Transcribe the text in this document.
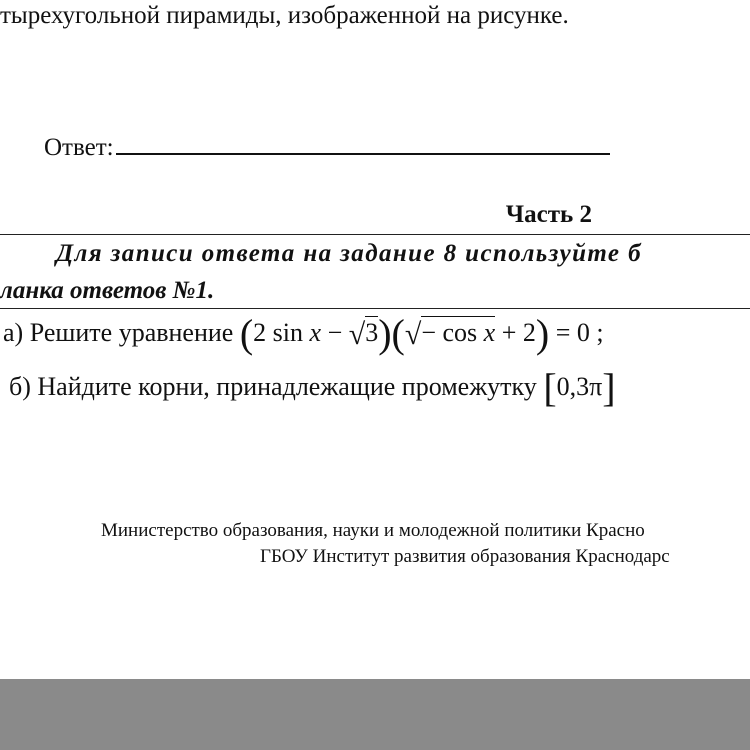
тырехугольной пирамиды, изображенной на рисунке.
Ответ:
Часть 2
Для записи ответа на задание 8 используйте б
ланка ответов №1.
а) Решите уравнение (2 sin x − √3)(√− cos x + 2) = 0 ;
б) Найдите корни, принадлежащие промежутку [0,3π]
Министерство образования, науки и молодежной политики Красно
ГБОУ Институт развития образования Краснодарс
